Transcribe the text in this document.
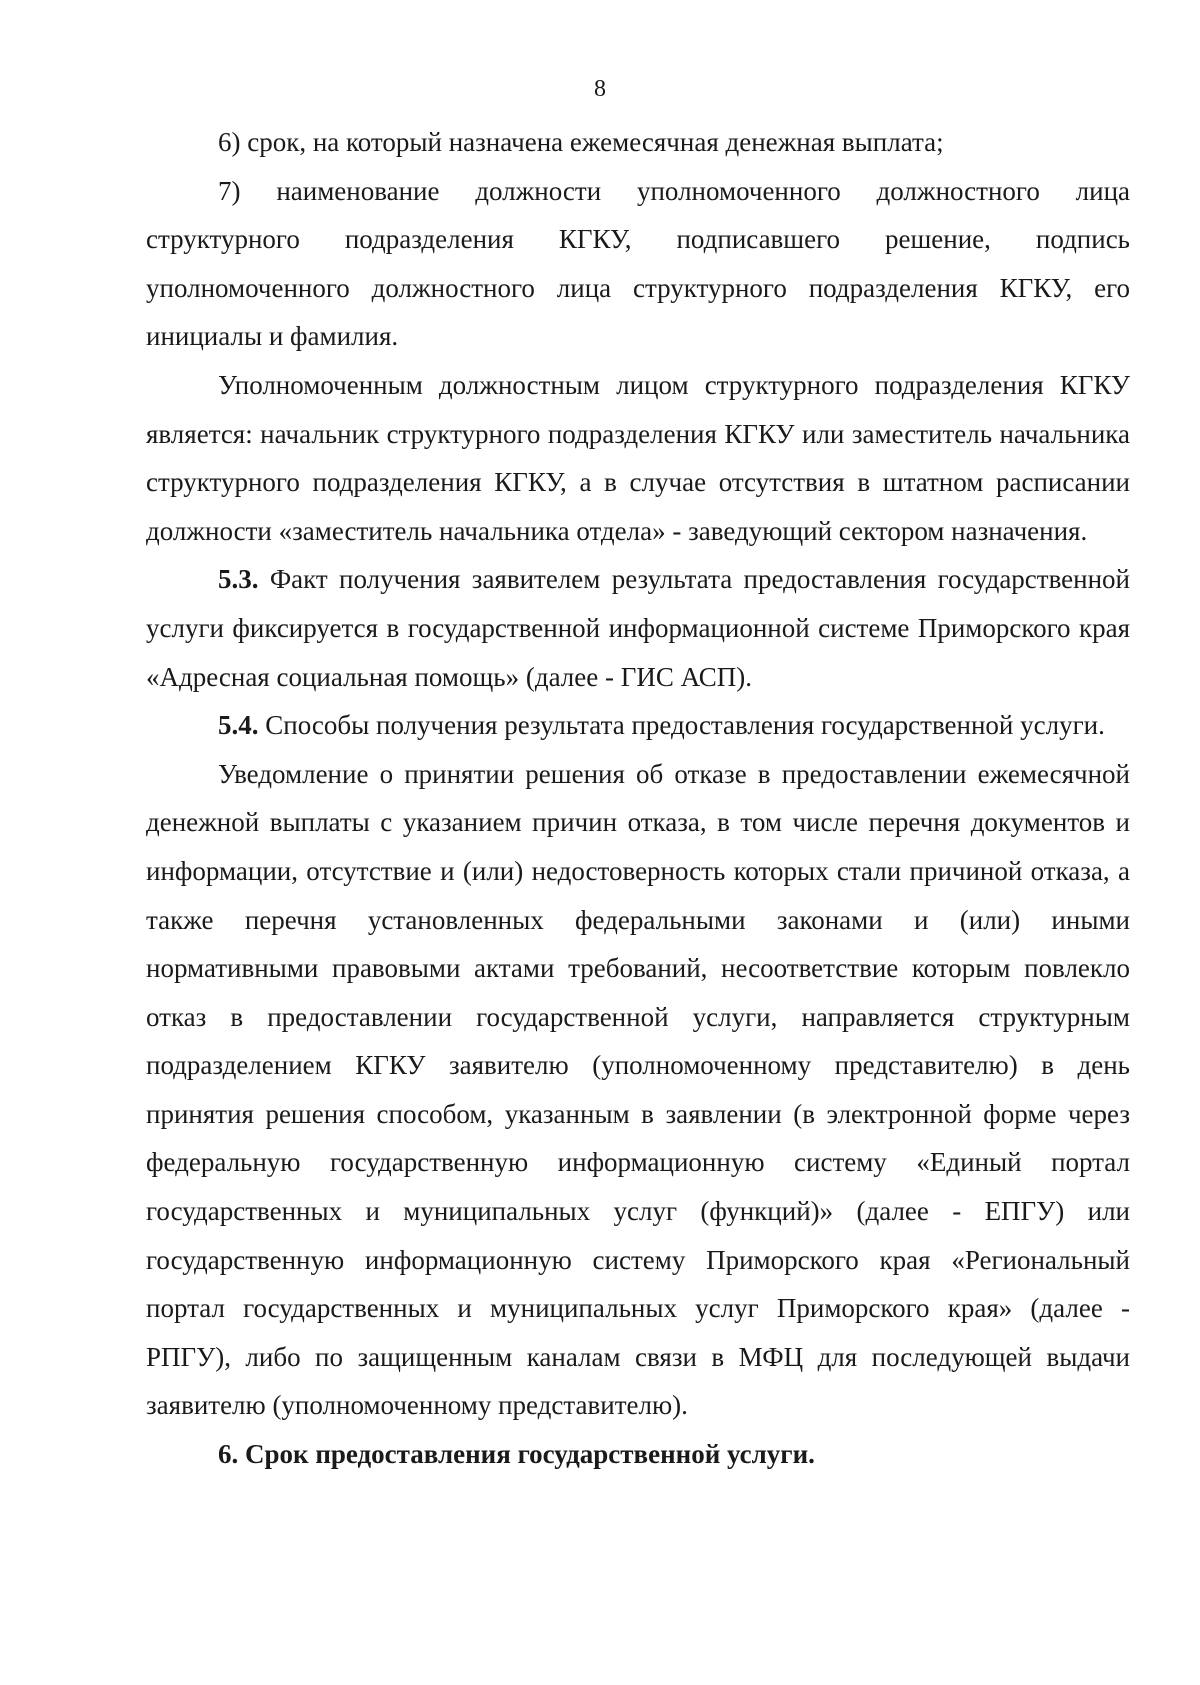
8

6) срок, на который назначена ежемесячная денежная выплата;

7) наименование должности уполномоченного должностного лица структурного подразделения КГКУ, подписавшего решение, подпись уполномоченного должностного лица структурного подразделения КГКУ, его инициалы и фамилия.

Уполномоченным должностным лицом структурного подразделения КГКУ является: начальник структурного подразделения КГКУ или заместитель начальника структурного подразделения КГКУ, а в случае отсутствия в штатном расписании должности «заместитель начальника отдела» - заведующий сектором назначения.

5.3. Факт получения заявителем результата предоставления государственной услуги фиксируется в государственной информационной системе Приморского края «Адресная социальная помощь» (далее - ГИС АСП).

5.4. Способы получения результата предоставления государственной услуги.

Уведомление о принятии решения об отказе в предоставлении ежемесячной денежной выплаты с указанием причин отказа, в том числе перечня документов и информации, отсутствие и (или) недостоверность которых стали причиной отказа, а также перечня установленных федеральными законами и (или) иными нормативными правовыми актами требований, несоответствие которым повлекло отказ в предоставлении государственной услуги, направляется структурным подразделением КГКУ заявителю (уполномоченному представителю) в день принятия решения способом, указанным в заявлении (в электронной форме через федеральную государственную информационную систему «Единый портал государственных и муниципальных услуг (функций)» (далее - ЕПГУ) или государственную информационную систему Приморского края «Региональный портал государственных и муниципальных услуг Приморского края» (далее - РПГУ), либо по защищенным каналам связи в МФЦ для последующей выдачи заявителю (уполномоченному представителю).

6. Срок предоставления государственной услуги.
